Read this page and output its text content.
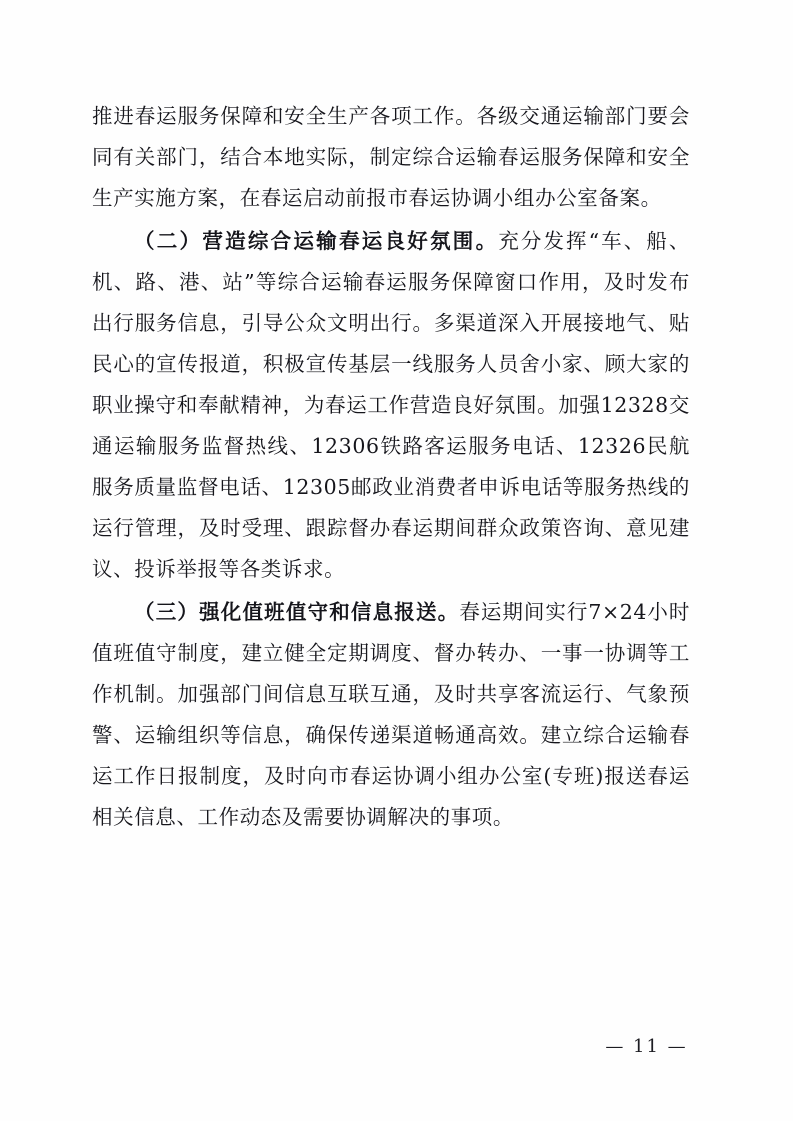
推进春运服务保障和安全生产各项工作。各级交通运输部门要会同有关部门，结合本地实际，制定综合运输春运服务保障和安全生产实施方案，在春运启动前报市春运协调小组办公室备案。

（二）营造综合运输春运良好氛围。充分发挥“车、船、机、路、港、站”等综合运输春运服务保障窗口作用，及时发布出行服务信息，引导公众文明出行。多渠道深入开展接地气、贴民心的宣传报道，积极宣传基层一线服务人员舍小家、顾大家的职业操守和奉献精神，为春运工作营造良好氛围。加强12328交通运输服务监督热线、12306铁路客运服务电话、12326民航服务质量监督电话、12305邮政业消费者申诉电话等服务热线的运行管理，及时受理、跟踪督办春运期间群众政策咨询、意见建议、投诉举报等各类诉求。

（三）强化值班值守和信息报送。春运期间实行7×24小时值班值守制度，建立健全定期调度、督办转办、一事一协调等工作机制。加强部门间信息互联互通，及时共享客流运行、气象预警、运输组织等信息，确保传递渠道畅通高效。建立综合运输春运工作日报制度，及时向市春运协调小组办公室(专班)报送春运相关信息、工作动态及需要协调解决的事项。

— 11 —
